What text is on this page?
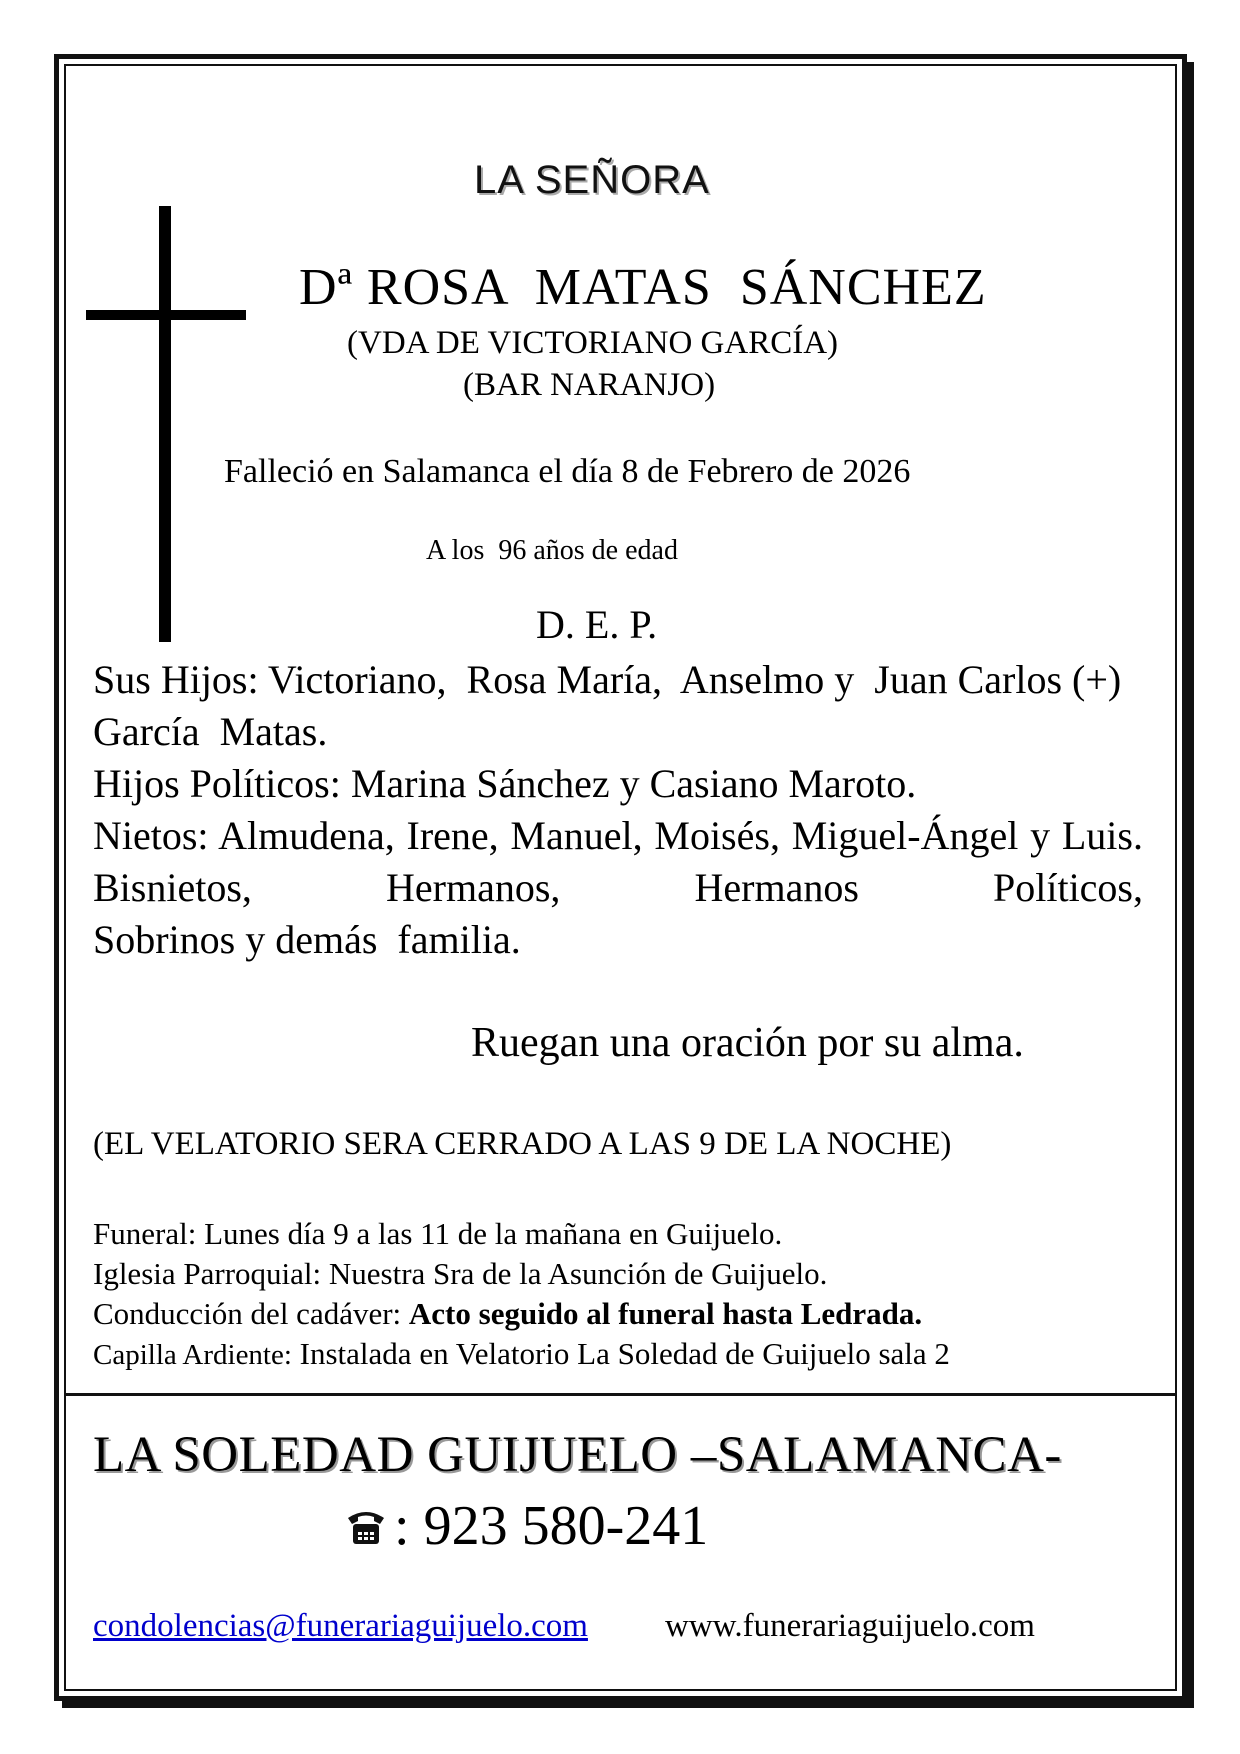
LA SEÑORA
Dª ROSA  MATAS  SÁNCHEZ
(VDA DE VICTORIANO GARCÍA)
(BAR NARANJO)
Falleció en Salamanca el día 8 de Febrero de 2026
A los  96 años de edad
D. E. P.

Sus Hijos: Victoriano,  Rosa María,  Anselmo y  Juan Carlos (+) García  Matas.

Hijos Políticos: Marina Sánchez y Casiano Maroto.

Nietos: Almudena, Irene, Manuel, Moisés, Miguel-Ángel y Luis.   Bisnietos,  Hermanos,  Hermanos  Políticos,

Sobrinos y demás  familia.

Ruegan una oración por su alma.
(EL VELATORIO SERA CERRADO A LAS 9 DE LA NOCHE)

Funeral: Lunes día 9 a las 11 de la mañana en Guijuelo.

Iglesia Parroquial: Nuestra Sra de la Asunción de Guijuelo.

Conducción del cadáver: Acto seguido al funeral hasta Ledrada.

Capilla Ardiente: Instalada en Velatorio La Soledad de Guijuelo sala 2

LA SOLEDAD GUIJUELO –SALAMANCA-
: 923 580-241
condolencias@funerariaguijuelo.com www.funerariaguijuelo.com
